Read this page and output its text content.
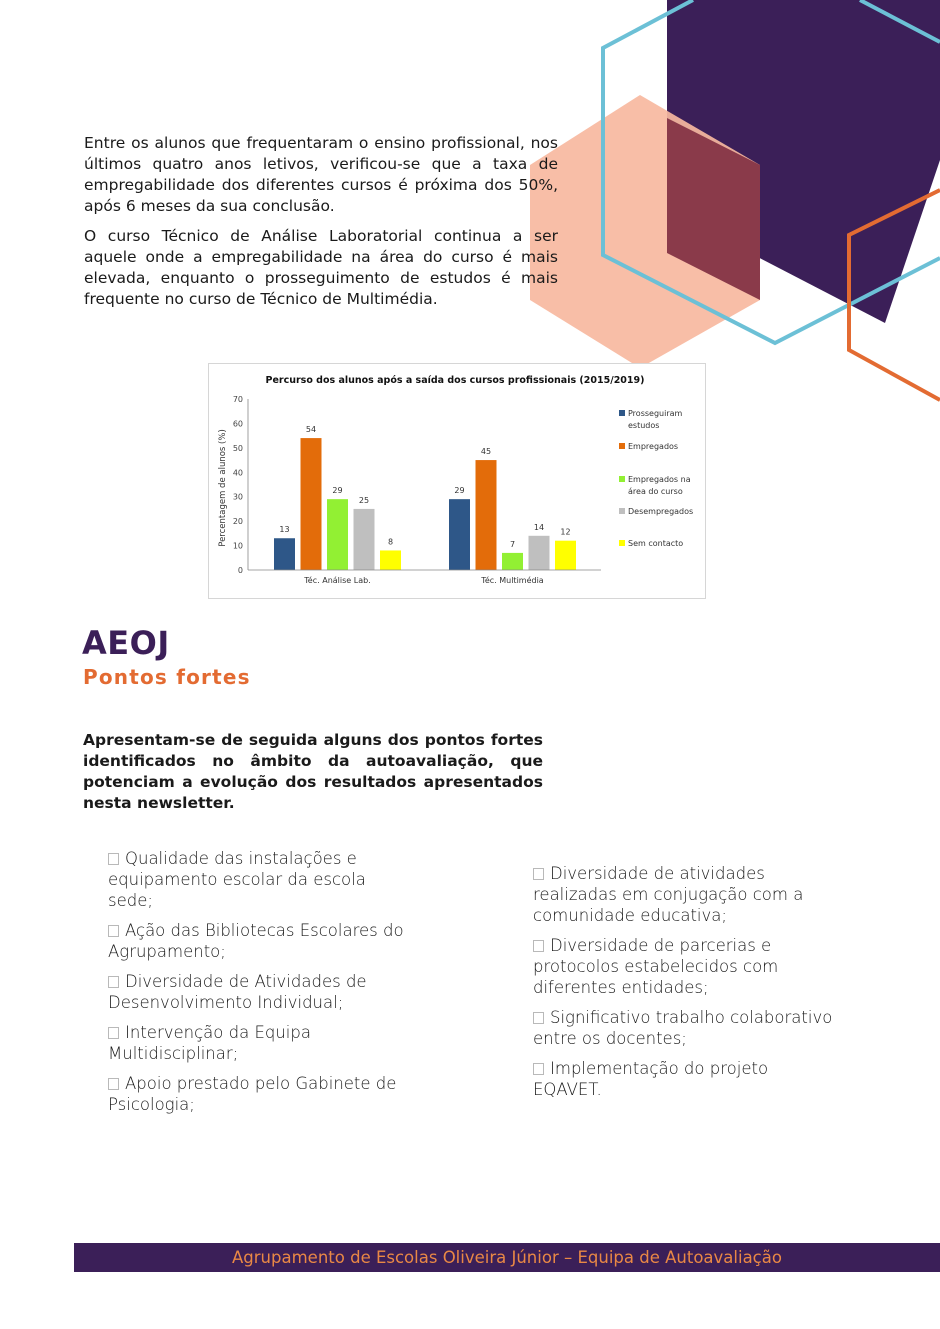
Entre os alunos que frequentaram o ensino profissional, nos últimos quatro anos letivos, verificou-se que a taxa de empregabilidade dos diferentes cursos é próxima dos 50%, após 6 meses da sua conclusão.

O curso Técnico de Análise Laboratorial continua a ser aquele onde a empregabilidade na área do curso é mais elevada, enquanto o prosseguimento de estudos é mais frequente no curso de Técnico de Multimédia.

Percurso dos alunos após a saída dos cursos profissionais (2015/2019)
Percentagem de alunos (%)
0
10
20
30
40
50
60
70
13
54
29
25
8
Téc. Análise Lab.
29
45
7
14
12
Téc. Multimédia
Prosseguiram estudos
Empregados
Empregados na área do curso
Desempregados
Sem contacto
AEOJ
Pontos fortes
Apresentam-se de seguida alguns dos pontos fortes identificados no âmbito da autoavaliação, que potenciam a evolução dos resultados apresentados nesta newsletter.
Qualidade das instalações e equipamento escolar da escola sede;
Ação das Bibliotecas Escolares do Agrupamento;
Diversidade de Atividades de Desenvolvimento Individual;
Intervenção da Equipa Multidisciplinar;
Apoio prestado pelo Gabinete de Psicologia;
Diversidade de atividades realizadas em conjugação com a comunidade educativa;
Diversidade de parcerias e protocolos estabelecidos com diferentes entidades;
Significativo trabalho colaborativo entre os docentes;
Implementação do projeto EQAVET.
Agrupamento de Escolas Oliveira Júnior – Equipa de Autoavaliação
